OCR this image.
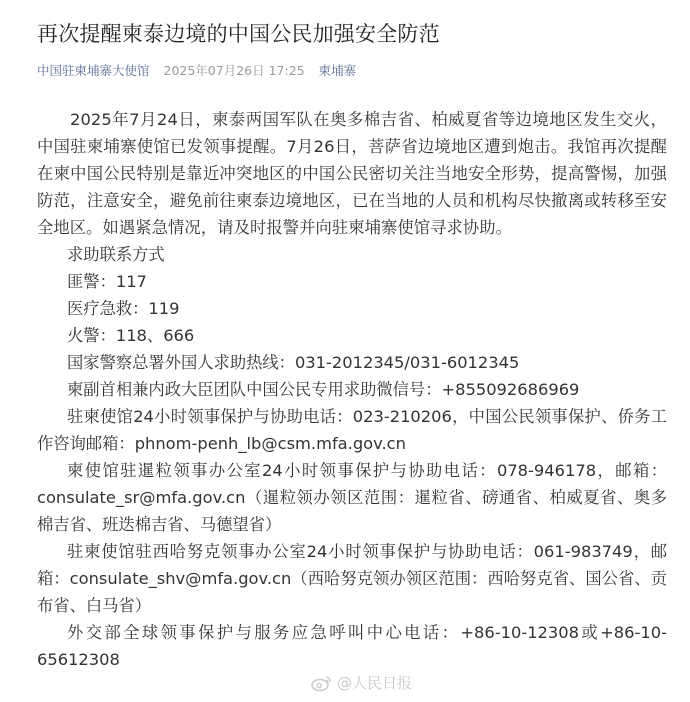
再次提醒柬泰边境的中国公民加强安全防范
中国驻柬埔寨大使馆 2025年07月26日 17:25 柬埔寨

2025年7月24日，柬泰两国军队在奥多棉吉省、柏威夏省等边境地区发生交火，中国驻柬埔寨使馆已发领事提醒。7月26日，菩萨省边境地区遭到炮击。我馆再次提醒在柬中国公民特别是靠近冲突地区的中国公民密切关注当地安全形势，提高警惕，加强防范，注意安全，避免前往柬泰边境地区，已在当地的人员和机构尽快撤离或转移至安全地区。如遇紧急情况，请及时报警并向驻柬埔寨使馆寻求协助。

求助联系方式

匪警：117

医疗急救：119

火警：118、666

国家警察总署外国人求助热线：031-2012345/031-6012345

柬副首相兼内政大臣团队中国公民专用求助微信号：+855092686969

驻柬使馆24小时领事保护与协助电话：023-210206，中国公民领事保护、侨务工作咨询邮箱：phnom-penh_lb@csm.mfa.gov.cn

柬使馆驻暹粒领事办公室24小时领事保护与协助电话：078-946178，邮箱：consulate_sr@mfa.gov.cn（暹粒领办领区范围：暹粒省、磅通省、柏威夏省、奥多棉吉省、班迭棉吉省、马德望省）

驻柬使馆驻西哈努克领事办公室24小时领事保护与协助电话：061-983749，邮箱：consulate_shv@mfa.gov.cn（西哈努克领办领区范围：西哈努克省、国公省、贡布省、白马省）

外交部全球领事保护与服务应急呼叫中心电话：+86-10-12308或+86-10-65612308

@人民日报
